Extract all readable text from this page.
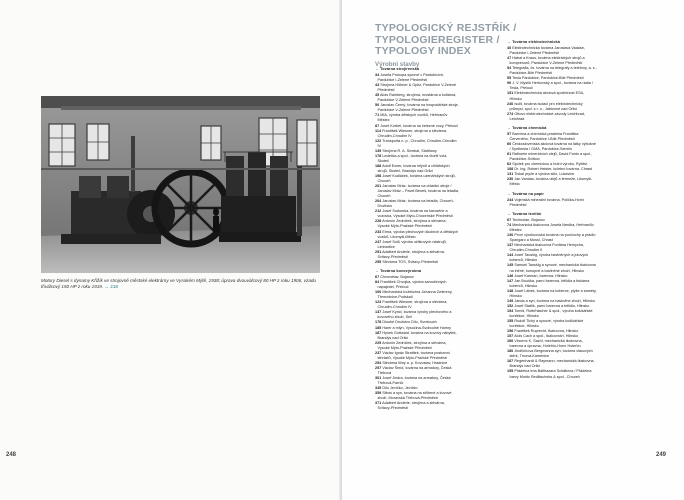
Motory Diesel s dynamy Křižík ve strojovně městské elektrárny ve Vysokém Mýtě, 1938; úprava dvouválcový 80 HP z roku 1906, vzadu třiválcový 150 HP z roku 1919. → 218
248
TYPOLOGICKÝ REJSTŘÍK /
TYPOLOGIEREGISTER /
TYPOLOGY INDEX
Výrobní stavby
→ Továrna strojírenská
34 Josefa Prokopa synové v Pardubicích, Pardubice I-Zelené Předměstí
43 Strojírna Hübner & Opitz, Pardubice V-Zelené Předměstí
45 Alois Rainberg, strojírna, mostárna a kotlárna, Pardubice V-Zelené Předměstí
50 Jaroslav Černý, továrna na hospodářské stroje, Pardubice V-Zelené Předměstí
71 MIA, výroba dětských vozíků, Heřmanův Městec
87 Josef Korbel, továrna na železné vozy, Přelouč
114 František Wiesner, strojírna a slévárna, Chrudim-Chrudim IV
122 Transporta n. p., Chrudim, Chrudim-Chrudim IV
139 Strojírna R. A. Smekal, Slatiňany
178 Ledečka a spol., továrna na čtoriti vola, Skuteč
188 Adolf Exner, továrna mlýnů a cihlářských strojů, Skuteč, Brandýs nad Orlicí
198 Josef Kudláček, továrna uzenářských strojů, Choceň
201 Jaroslav Mráz, továrna na chladicí stroje / Jaroslav Mráz – Pavel Beneš, továrna na letadla, Choceň
204 Jaroslav Mráz, továrna na letadla, Choceň-Dvořisko
212 Josef Sodomka, továrna na karosérie a vozovka, Vysoké Mýto-Choceňské Předměstí
228 Antonín Zedníček, strojírna a slévárna, Vysoké Mýto-Pražské Předměstí
233 Erma, výroba plechových školních a dětských vozíků, Litomyšl-Město
247 Josef Solil, výroba užitkových nástrojů, Limbartice
251 Adalbert Anderle, strojírna a slévárna, Svitavy-Předměstí
255 Slévárna TOS, Svitavy-Předměstí
→ Továrna kovovýrobna
67 Chrometav, Bojanov
84 František Chvojka, výroba samočinných napajedel, Přelouč
100 Mechanická koželužna Johanna Zwierzny, Třemošnice-Podskalí
124 František Wiesner, strojírna a slévárna, Chrudim-Chrudim IV
137 Josef Kyncl, továrna výroby plechového a kovového zboží, Seč
178 Dlouhé Družstvo Dílo, Svratouch
185 Hamr a mlýn, Vysočina-Svobodné Hamry
187 Hynek Gottwald, továrna na kovový nábytek, Brandýs nad Orlicí
225 Antonín Zedníček, strojírna a slévárna, Vysoké Mýto-Pražské Předměstí
237 Václav Ignác Strattlek, továrna postranní střelačů, Vysoké Mýto-Pražské Předměstí
254 Slévárna Illiny a. p. Kovostav, Hradnice
257 Václav Šmíd, továrna na armatury, Česká Třebová
301 Josef Jindra, továrna na armatury, Česká Třebová-Parník
345 Dílu Jevíčko, Jevíčko
359 Stbos a syn, továrna na stříbrné a kovové zboží, Moravská Třebová-Předměstí
371 Adalbert Anderle, strojírna a slévárna, Svitavy-Předměstí
→ Továrna elektrotechnická
40 Elektrotechnická továrna Jaroslava Vadase, Pardubice I-Zelené Předměstí
47 Habal a Kraus, továrna elektrických strojů a kompresorů, Pardubice V-Zelené Předměstí
54 Telegrafia, čs. továrna na telegrafy a telefony, a. s., Pardubice-Bílé Předměstí
55 Tesla Pardubice, Pardubice-Bílé Předměstí
90 J. V. Myslík Heršovský a spol., továrna na rádia / Tesla, Přelouč
151 Elektrotechnická akciová společnost ESA, Hlinsko
240 Isolit, továrna isolací pro elektrotechnický průmysl, spol. s r. o., Jablonné nad Orlicí
274 Ottovo elektrotechnické závody Leichhrad, Letohrad
→ Továrna chemická
57 Barvírna a chemická prádelna Františka Červeného, Pardubice I-Bílé Předměstí
60 Československá akciová továrna na látky výbušné / Synthesia / GMA, Pardubice-Semtín
61 Rafinerie minerálních olejů, David Fanto a spol., Pardubice-Svítkov
62 Spolek pro chemickou a hutní výrobu, Rybitví
108 Dr. Ing. Robert Heisler, lučební továrna, Chrast
131 Tiskal pryže a výroba sklo, Lukavice
230 Jan Vandas, továrna olejů a fermeže, Litomyšl-Město
→ Továrna na papír
244 Vojenská mineralní továrna, Polička-Horní Předměstí
→ Továrna textilní
67 Technolan, Bojanov
74 Mechanická tkalcovna Josefa Nerdka, Heřmanův Městec
130 První výrobcovská továrna na punčochy a prádlo Spangaro a Mussi, Chrast
137 Mechanická tkalcovna Fontána Hemycha, Chrudim-Chrudim II
144 Josef Tausšig, výroba bavlněných a jutových koberců, Hlinsko
145 Samuel Tausšig a synové, mechanická tkalcovna na lněné, konopné a bavlněné zboží, Hlinsko
146 Josef Karman, barevna, Hlinsko
147 Jan Bouška, parní barevna, bělidla a tiskárna koberců, Hlinsko
148 Josef Lábek, továrna na koberce, plyše a samety, Hlinsko
149 Janda a syn, továrna na bavlněné zboží, Hlinsko
152 Josef Statlík, parní barevna a bělidlo, Hlinsko
154 Tomíš, Rotbřhlacher & spol., výroba košíkářské konfekce, Hlinsko
155 Rudolf Tichý a synové, výroba košíkářské konfekce, Hlinsko
156 František Ruprecht, tkalcovna, Hlinsko
157 Alois Cach a spol., tkalcovství, Hlinsko
160 Vincenc K. Sachl, mechanická tkalcovna, barevna a úpravna, Hoteňín-Horní Hoteňín
180 Jindřichova Bergmanna syn, továrna vlasových stěrk, Trnová-Kamenice
187 Regenhardt & Raymann, mechanická tkalcovna, Brandýs nad Orlicí
195 Přádelna Ima Balthazara Schäbeca / Přádelna barvy Moritz Redlitscheks & spol., Choceň
249
